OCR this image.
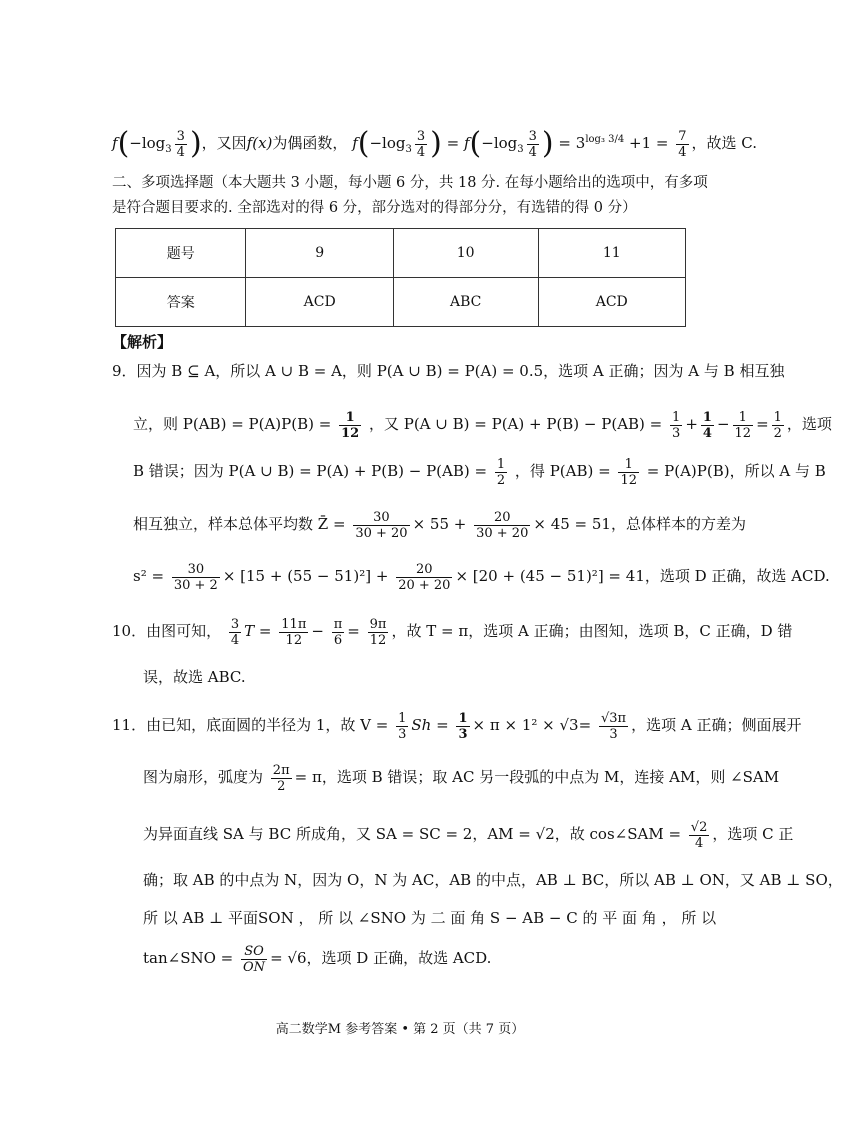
$f(-\log_3 \frac{3}{4}$ )，又因f(x)为偶函数， $f(-\log_3 \frac{3}{4}$ ) = $f(-\log_3 \frac{3}{4}$ ) = $3^{log_3 3/4} +1 = \frac{7}{4}$ ，故选 C.
二、多项选择题（本大题共 3 小题，每小题 6 分，共 18 分. 在每小题给出的选项中，有多项
是符合题目要求的. 全部选对的得 6 分，部分选对的得部分分，有选错的得 0 分）
题号	9	10	11
答案	ACD	ABC	ACD
【解析】
9．因为 B ⊆ A，所以 A ∪ B = A，则 P(A ∪ B) = P(A) = 0.5，选项 A 正确；因为 A 与 B 相互独
立，则 $P(AB) = P(A)P(B) = \frac{1}{12}$ ，又 P(A ∪ $B) = P(A) + P(B) - P(AB) = \frac{1}{3} + \frac{1}{4} - \frac{1}{12} = \frac{1}{2}$ ，选项
B 错误；因为 P(A ∪ $B) = P(A) + P(B) - P(AB) = \frac{1}{2}$ ，得 $P(AB) = \frac{1}{12} = P(A)P(B)$，所以 A 与 B
相互独立，样本总体平均数 Z̄ = $\frac{30}{30 + 20} \times 55 + \frac{20}{30 + 20} \times 45 = 51$，总体样本的方差为
$s^2 = \frac{30}{30 + 2} \times [15 + (55 - 51)^2] + \frac{20}{20 + 20} \times [20 + (45 - 51)^2] = 41$，选项 D 正确，故选 ACD.
10．由图可知， $\frac{3}{4}$ $T = \frac{11\pi}{12} - \frac{\pi}{6} = \frac{9\pi}{12}$ ，故 T = π，选项 A 正确；由图知，选项 B，C 正确，D 错
误，故选 ABC.
11．由已知，底面圆的半径为 1，故 $V = \frac{1}{3}$ $Sh = \frac{1}{3} \times \pi \times 1^2 \times √3= \frac{√3\pi}{3}$ ，选项 A 正确；侧面展开
图为扇形，弧度为 $\frac{2\pi}{2} = \pi$，选项 B 错误；取 AC 另一段弧的中点为 M，连接 AM，则 ∠SAM
为异面直线 SA 与 BC 所成角，又 SA = SC = 2，AM = √2，故 cos∠SAM = $\frac{√2}{4}$ ，选项 C 正
确；取 AB 的中点为 N，因为 O，N 为 AC，AB 的中点，AB ⊥ BC，所以 AB ⊥ ON，又 AB ⊥ SO，
所 以 AB ⊥ 平面SON ， 所 以 ∠SNO 为 二 面 角 S − AB − C 的 平 面 角 ， 所 以
tan∠SNO = $\frac{SO}{ON} = √6$，选项 D 正确，故选 ACD.
高二数学M 参考答案 • 第 2 页（共 7 页）
